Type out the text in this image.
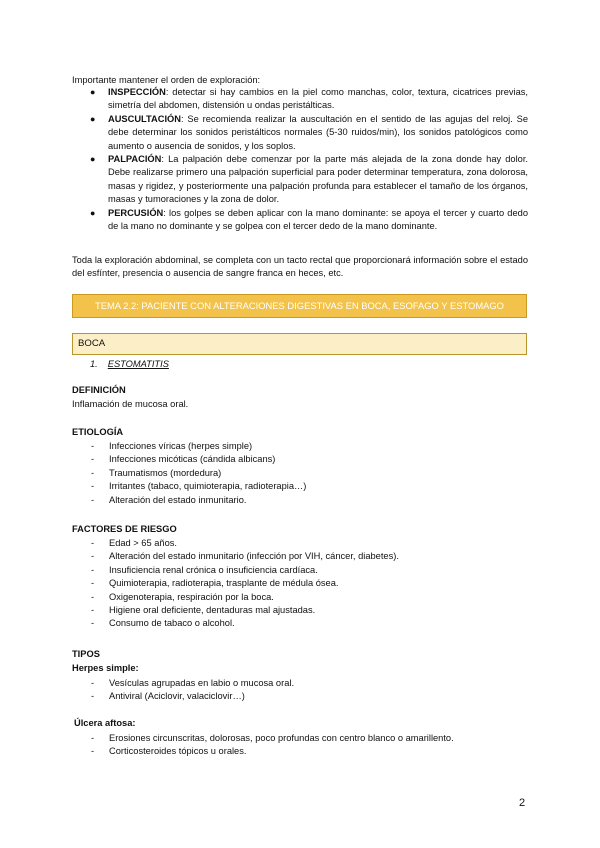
Importante mantener el orden de exploración:

● INSPECCIÓN: detectar si hay cambios en la piel como manchas, color, textura, cicatrices previas, simetría del abdomen, distensión u ondas peristálticas.
● AUSCULTACIÓN: Se recomienda realizar la auscultación en el sentido de las agujas del reloj. Se debe determinar los sonidos peristálticos normales (5-30 ruidos/min), los sonidos patológicos como aumento o ausencia de sonidos, y los soplos.
● PALPACIÓN: La palpación debe comenzar por la parte más alejada de la zona donde hay dolor. Debe realizarse primero una palpación superficial para poder determinar temperatura, zona dolorosa, masas y rigidez, y posteriormente una palpación profunda para establecer el tamaño de los órganos, masas y tumoraciones y la zona de dolor.
● PERCUSIÓN: los golpes se deben aplicar con la mano dominante: se apoya el tercer y cuarto dedo de la mano no dominante y se golpea con el tercer dedo de la mano dominante.

Toda la exploración abdominal, se completa con un tacto rectal que proporcionará información sobre el estado del esfínter, presencia o ausencia de sangre franca en heces, etc.

TEMA 2.2: PACIENTE CON ALTERACIONES DIGESTIVAS EN BOCA, ESOFAGO Y ESTOMAGO
BOCA
1. ESTOMATITIS
DEFINICIÓN
Inflamación de mucosa oral.
ETIOLOGÍA
- Infecciones víricas (herpes simple)
- Infecciones micóticas (cándida albicans)
- Traumatismos (mordedura)
- Irritantes (tabaco, quimioterapia, radioterapia…)
- Alteración del estado inmunitario.
FACTORES DE RIESGO
- Edad > 65 años.
- Alteración del estado inmunitario (infección por VIH, cáncer, diabetes).
- Insuficiencia renal crónica o insuficiencia cardíaca.
- Quimioterapia, radioterapia, trasplante de médula ósea.
- Oxigenoterapia, respiración por la boca.
- Higiene oral deficiente, dentaduras mal ajustadas.
- Consumo de tabaco o alcohol.
TIPOS
Herpes simple:
- Vesículas agrupadas en labio o mucosa oral.
- Antiviral (Aciclovir, valaciclovir…)
Úlcera aftosa:
- Erosiones circunscritas, dolorosas, poco profundas con centro blanco o amarillento.
- Corticosteroides tópicos u orales.
2
